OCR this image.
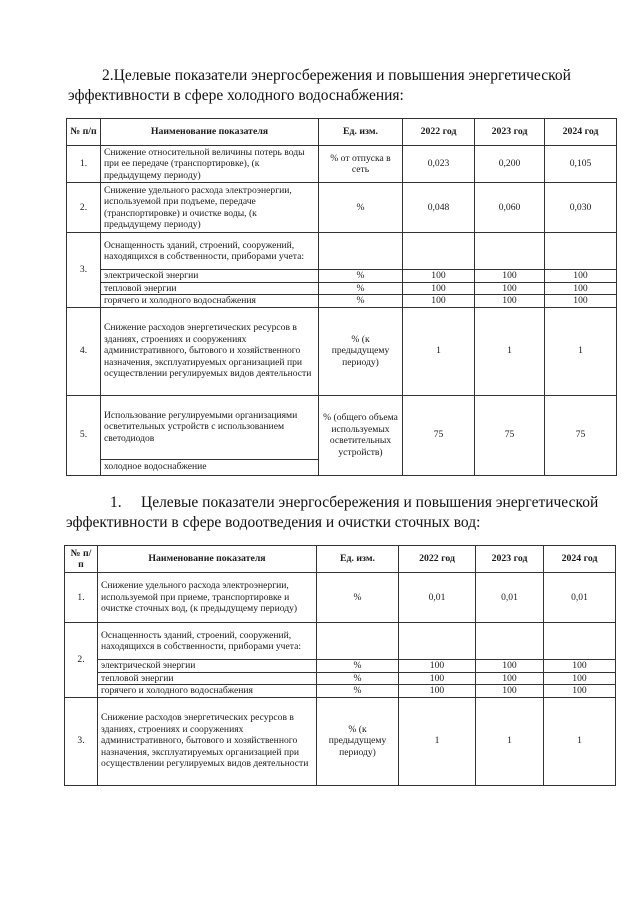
2.Целевые показатели энергосбережения и повышения энергетической
эффективности в сфере холодного водоснабжения:
№ п/п	Наименование показателя	Ед. изм.	2022 год	2023 год	2024 год
1.	Снижение относительной величины потерь воды при ее передаче (транспортировке), (к предыдущему периоду)	% от отпуска в сеть	0,023	0,200	0,105
2.	Снижение удельного расхода электроэнергии, используемой при подъеме, передаче (транспортировке) и очистке воды, (к предыдущему периоду)	%	0,048	0,060	0,030
3.	Оснащенность зданий, строений, сооружений, находящихся в собственности, приборами учета:				
	электрической энергии	%	100	100	100
	тепловой энергии	%	100	100	100
	горячего и холодного водоснабжения	%	100	100	100
4.	Снижение расходов энергетических ресурсов в зданиях, строениях и сооружениях административного, бытового и хозяйственного назначения, эксплуатируемых организацией при осуществлении регулируемых видов деятельности	% (к предыдущему периоду)	1	1	1
5.	Использование регулируемыми организациями осветительных устройств с использованием светодиодов	% (общего объема используемых осветительных устройств)	75	75	75
	холодное водоснабжение				
1.     Целевые показатели энергосбережения и повышения энергетической
эффективности в сфере водоотведения и очистки сточных вод:
№ п/п	Наименование показателя	Ед. изм.	2022 год	2023 год	2024 год
1.	Снижение удельного расхода электроэнергии, используемой при приеме, транспортировке и очистке сточных вод, (к предыдущему периоду)	%	0,01	0,01	0,01
2.	Оснащенность зданий, строений, сооружений, находящихся в собственности, приборами учета:				
	электрической энергии	%	100	100	100
	тепловой энергии	%	100	100	100
	горячего и холодного водоснабжения	%	100	100	100
3.	Снижение расходов энергетических ресурсов в зданиях, строениях и сооружениях административного, бытового и хозяйственного назначения, эксплуатируемых организацией при осуществлении регулируемых видов деятельности	% (к предыдущему периоду)	1	1	1
